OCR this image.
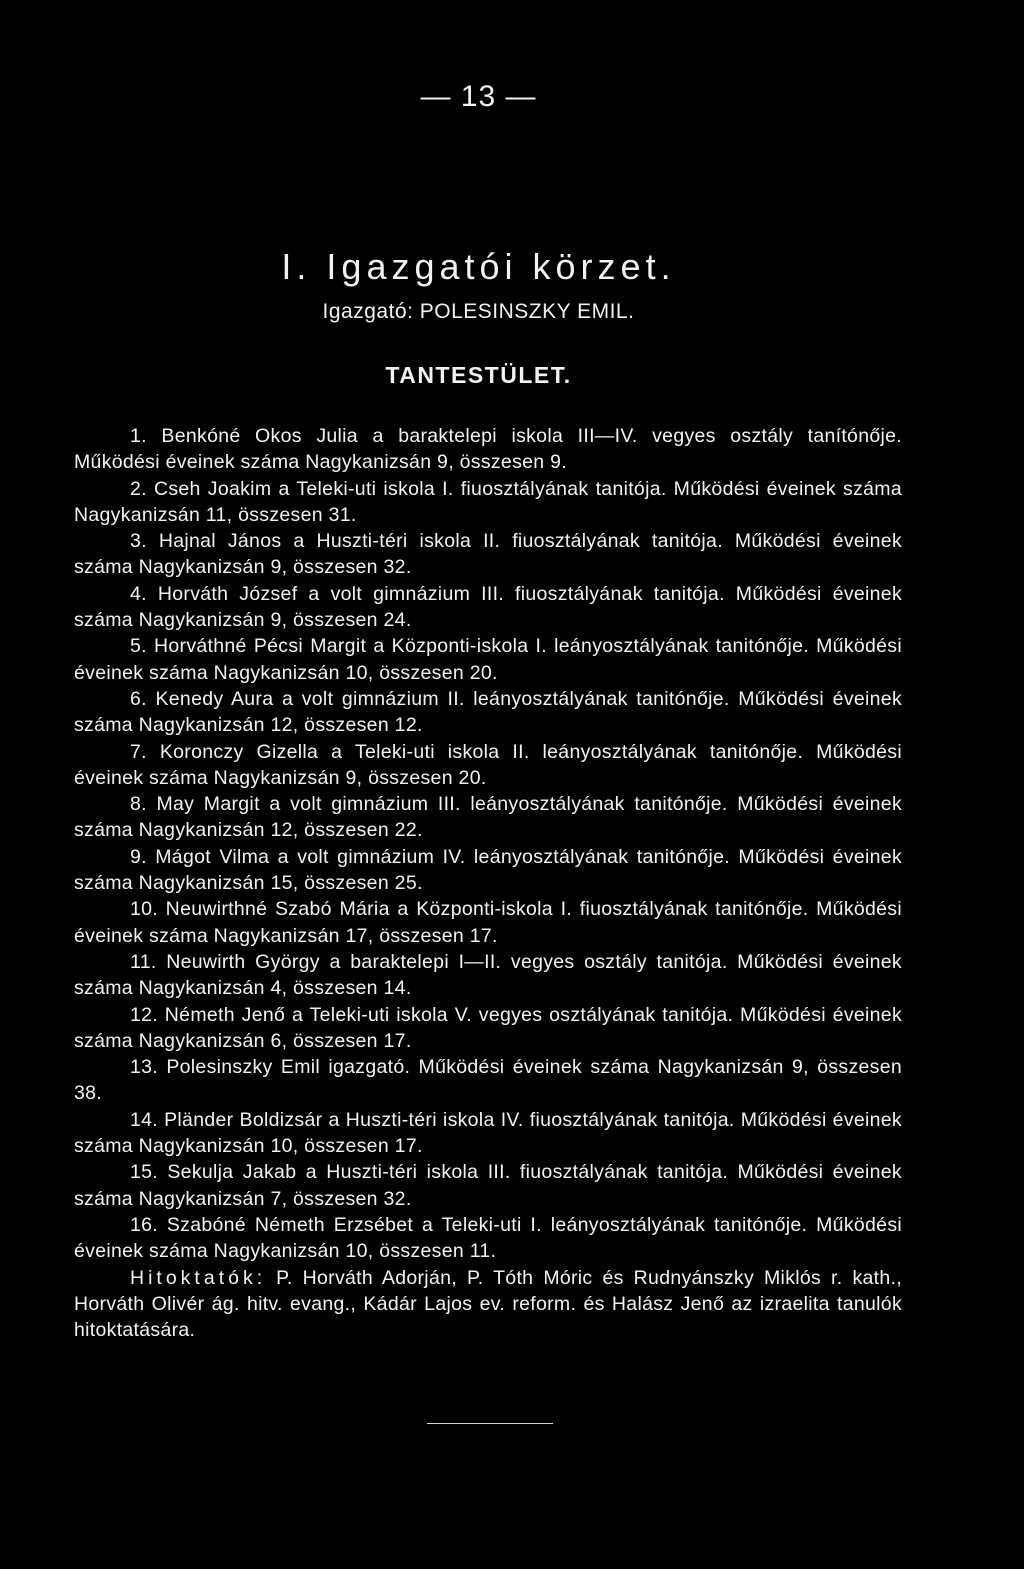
— 13 —
I. Igazgatói körzet.
Igazgató: POLESINSZKY EMIL.
TANTESTÜLET.

1. Benkóné Okos Julia a baraktelepi iskola III—IV. vegyes osztály tanítónője. Működési éveinek száma Nagykanizsán 9, összesen 9.

2. Cseh Joakim a Teleki-uti iskola I. fiuosztályának tanitója. Működési éveinek száma Nagykanizsán 11, összesen 31.

3. Hajnal János a Huszti-téri iskola II. fiuosztályának tanitója. Működési éveinek száma Nagykanizsán 9, összesen 32.

4. Horváth József a volt gimnázium III. fiuosztályának tanitója. Működési éveinek száma Nagykanizsán 9, összesen 24.

5. Horváthné Pécsi Margit a Központi-iskola I. leányosztályának tanitónője. Működési éveinek száma Nagykanizsán 10, összesen 20.

6. Kenedy Aura a volt gimnázium II. leányosztályának tanitónője. Működési éveinek száma Nagykanizsán 12, összesen 12.

7. Koronczy Gizella a Teleki-uti iskola II. leányosztályának tanitónője. Működési éveinek száma Nagykanizsán 9, összesen 20.

8. May Margit a volt gimnázium III. leányosztályának tanitónője. Működési éveinek száma Nagykanizsán 12, összesen 22.

9. Mágot Vilma a volt gimnázium IV. leányosztályának tanitónője. Működési éveinek száma Nagykanizsán 15, összesen 25.

10. Neuwirthné Szabó Mária a Központi-iskola I. fiuosztályának tanitónője. Működési éveinek száma Nagykanizsán 17, összesen 17.

11. Neuwirth György a baraktelepi I—II. vegyes osztály tanitója. Működési éveinek száma Nagykanizsán 4, összesen 14.

12. Németh Jenő a Teleki-uti iskola V. vegyes osztályának tanitója. Működési éveinek száma Nagykanizsán 6, összesen 17.

13. Polesinszky Emil igazgató. Működési éveinek száma Nagykanizsán 9, összesen 38.

14. Pländer Boldizsár a Huszti-téri iskola IV. fiuosztályának tanitója. Működési éveinek száma Nagykanizsán 10, összesen 17.

15. Sekulja Jakab a Huszti-téri iskola III. fiuosztályának tanitója. Működési éveinek száma Nagykanizsán 7, összesen 32.

16. Szabóné Németh Erzsébet a Teleki-uti I. leányosztályának tanitónője. Működési éveinek száma Nagykanizsán 10, összesen 11.

Hitoktatók: P. Horváth Adorján, P. Tóth Móric és Rudnyánszky Miklós r. kath., Horváth Olivér ág. hitv. evang., Kádár Lajos ev. reform. és Halász Jenő az izraelita tanulók hitoktatására.
